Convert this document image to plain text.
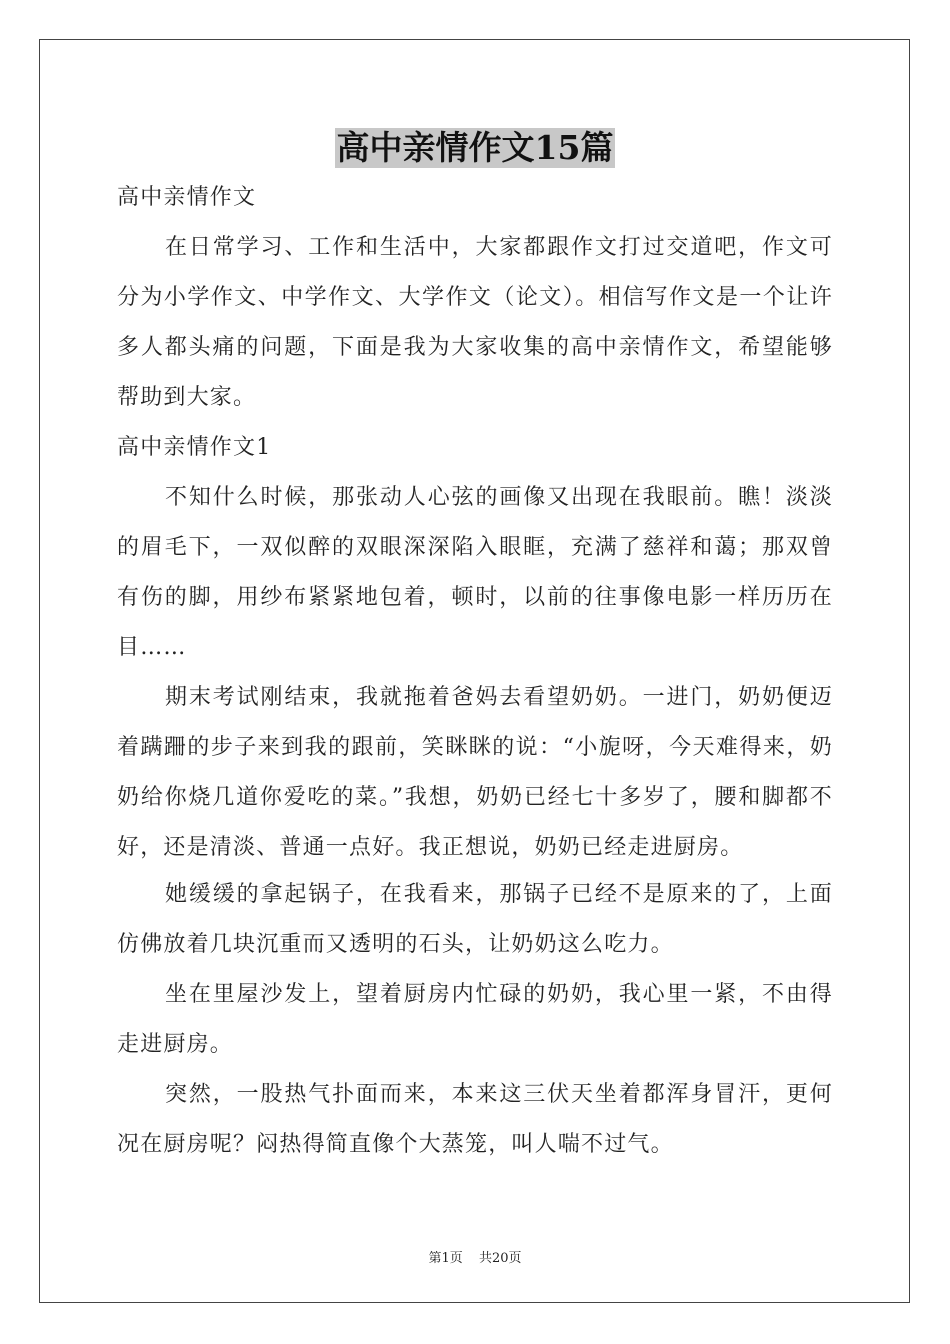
高中亲情作文15篇

高中亲情作文

在日常学习、工作和生活中，大家都跟作文打过交道吧，作文可分为小学作文、中学作文、大学作文（论文）。相信写作文是一个让许多人都头痛的问题，下面是我为大家收集的高中亲情作文，希望能够帮助到大家。

高中亲情作文1

不知什么时候，那张动人心弦的画像又出现在我眼前。瞧！淡淡的眉毛下，一双似醉的双眼深深陷入眼眶，充满了慈祥和蔼；那双曾有伤的脚，用纱布紧紧地包着，顿时，以前的往事像电影一样历历在目……

期末考试刚结束，我就拖着爸妈去看望奶奶。一进门，奶奶便迈着蹒跚的步子来到我的跟前，笑眯眯的说：“小旎呀，今天难得来，奶奶给你烧几道你爱吃的菜。”我想，奶奶已经七十多岁了，腰和脚都不好，还是清淡、普通一点好。我正想说，奶奶已经走进厨房。

她缓缓的拿起锅子，在我看来，那锅子已经不是原来的了，上面仿佛放着几块沉重而又透明的石头，让奶奶这么吃力。

坐在里屋沙发上，望着厨房内忙碌的奶奶，我心里一紧，不由得走进厨房。

突然，一股热气扑面而来，本来这三伏天坐着都浑身冒汗，更何况在厨房呢？闷热得简直像个大蒸笼，叫人喘不过气。

第1页 共20页
